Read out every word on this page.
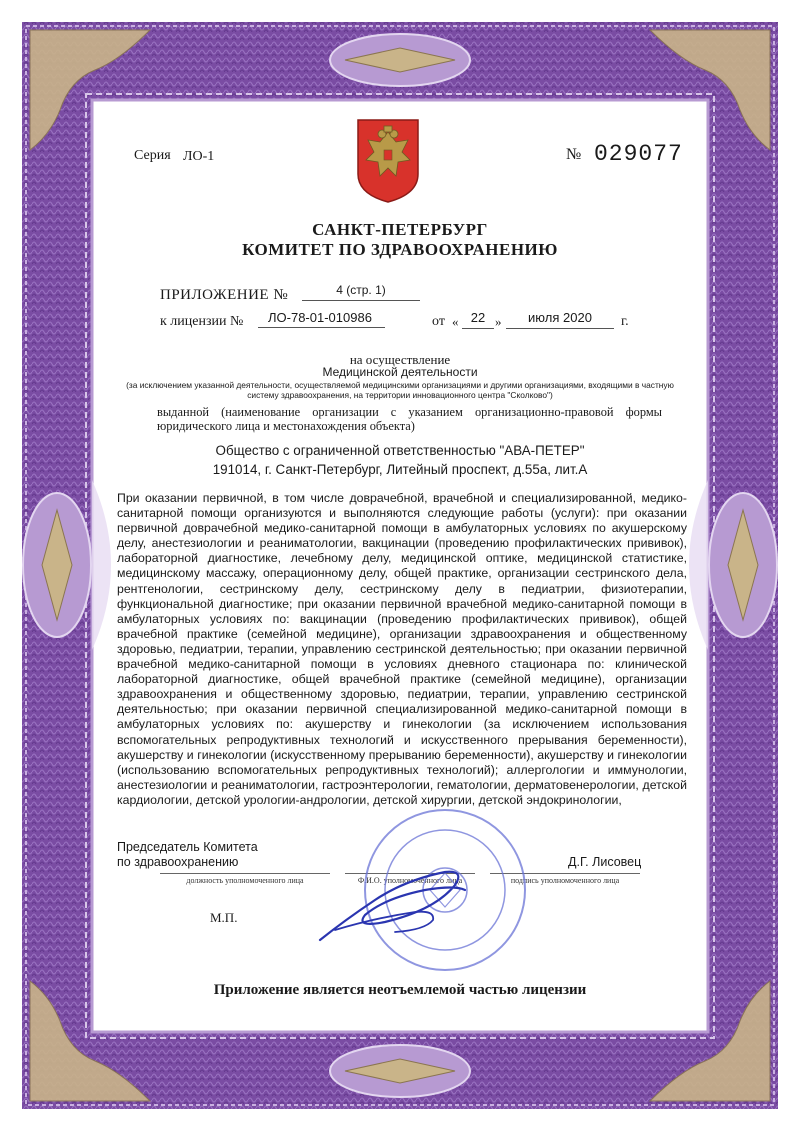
Серия ЛО-1	№ 029077
САНКТ-ПЕТЕРБУРГ
КОМИТЕТ ПО ЗДРАВООХРАНЕНИЮ
ПРИЛОЖЕНИЕ №	4 (стр. 1)
к лицензии №	ЛО-78-01-010986	от « 22 »	июля 2020	г.
на осуществление
Медицинской деятельности
(за исключением указанной деятельности, осуществляемой медицинскими организациями и другими организациями, входящими в частную систему здравоохранения, на территории инновационного центра "Сколково")
выданной (наименование организации с указанием организационно-правовой формы юридического лица и местонахождения объекта)
Общество с ограниченной ответственностью "АВА-ПЕТЕР"
191014, г. Санкт-Петербург, Литейный проспект, д.55а, лит.А
При оказании первичной, в том числе доврачебной, врачебной и специализированной, медико-санитарной помощи организуются и выполняются следующие работы (услуги): при оказании первичной доврачебной медико-санитарной помощи в амбулаторных условиях по акушерскому делу, анестезиологии и реаниматологии, вакцинации (проведению профилактических прививок), лабораторной диагностике, лечебному делу, медицинской оптике, медицинской статистике, медицинскому массажу, операционному делу, общей практике, организации сестринского дела, рентгенологии, сестринскому делу, сестринскому делу в педиатрии, физиотерапии, функциональной диагностике; при оказании первичной врачебной медико-санитарной помощи в амбулаторных условиях по: вакцинации (проведению профилактических прививок), общей врачебной практике (семейной медицине), организации здравоохранения и общественному здоровью, педиатрии, терапии, управлению сестринской деятельностью; при оказании первичной врачебной медико-санитарной помощи в условиях дневного стационара по: клинической лабораторной диагностике, общей врачебной практике (семейной медицине), организации здравоохранения и общественному здоровью, педиатрии, терапии, управлению сестринской деятельностью; при оказании первичной специализированной медико-санитарной помощи в амбулаторных условиях по: акушерству и гинекологии (за исключением использования вспомогательных репродуктивных технологий и искусственного прерывания беременности), акушерству и гинекологии (искусственному прерыванию беременности), акушерству и гинекологии (использованию вспомогательных репродуктивных технологий); аллергологии и иммунологии, анестезиологии и реаниматологии, гастроэнтерологии, гематологии, дерматовенерологии, детской кардиологии, детской урологии-андрологии, детской хирургии, детской эндокринологии,
Председатель Комитета
по здравоохранению	Д.Г. Лисовец
должность уполномоченного лица	Ф.И.О. уполномоченного лица	подпись уполномоченного лица
М.П.
Приложение является неотъемлемой частью лицензии
